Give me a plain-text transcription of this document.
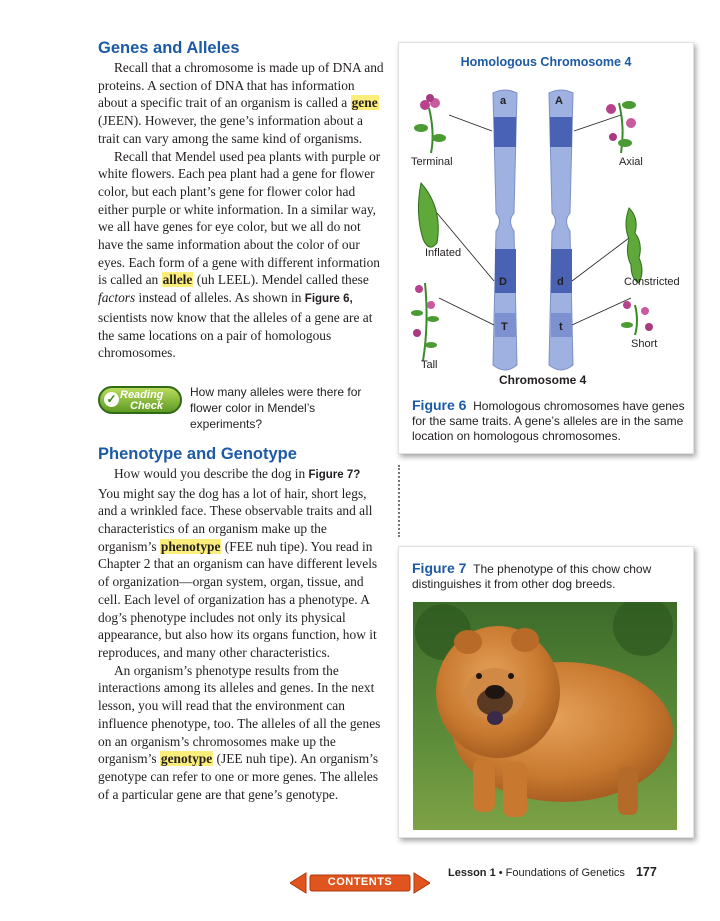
Genes and Alleles

Recall that a chromosome is made up of DNA and proteins. A section of DNA that has information about a specific trait of an organism is called a gene (JEEN). However, the gene’s information about a trait can vary among the same kind of organisms.

Recall that Mendel used pea plants with purple or white flowers. Each pea plant had a gene for flower color, but each plant’s gene for flower color had either purple or white information. In a similar way, we all have genes for eye color, but we all do not have the same information about the color of our eyes. Each form of a gene with different information is called an allele (uh LEEL). Mendel called these factors instead of alleles. As shown in Figure 6, scientists now know that the alleles of a gene are at the same locations on a pair of homologous chromosomes.

Phenotype and Genotype

How would you describe the dog in Figure 7? You might say the dog has a lot of hair, short legs, and a wrinkled face. These observable traits and all characteristics of an organism make up the organism’s phenotype (FEE nuh tipe). You read in Chapter 2 that an organism can have different levels of organization—organ system, organ, tissue, and cell. Each level of organization has a phenotype. A dog’s phenotype includes not only its physical appearance, but also how its organs function, how it reproduces, and many other characteristics.

An organism’s phenotype results from the interactions among its alleles and genes. In the next lesson, you will read that the environment can influence phenotype, too. The alleles of all the genes on an organism’s chromosomes make up the organism’s genotype (JEE nuh tipe). An organism’s genotype can refer to one or more genes. The alleles of a particular gene are that gene’s genotype.

✓ Reading
Check
How many alleles were there for flower color in Mendel’s experiments?
Homologous Chromosome 4
a	A
D	d
T	t
Terminal	Axial
Inflated
Constricted
Short
Tall
Chromosome 4
Figure 6 Homologous chromosomes have genes for the same traits. A gene’s alleles are in the same location on homologous chromosomes.
Figure 7 The phenotype of this chow chow distinguishes it from other dog breeds.
Lesson 1 • Foundations of Genetics 177
CONTENTS
